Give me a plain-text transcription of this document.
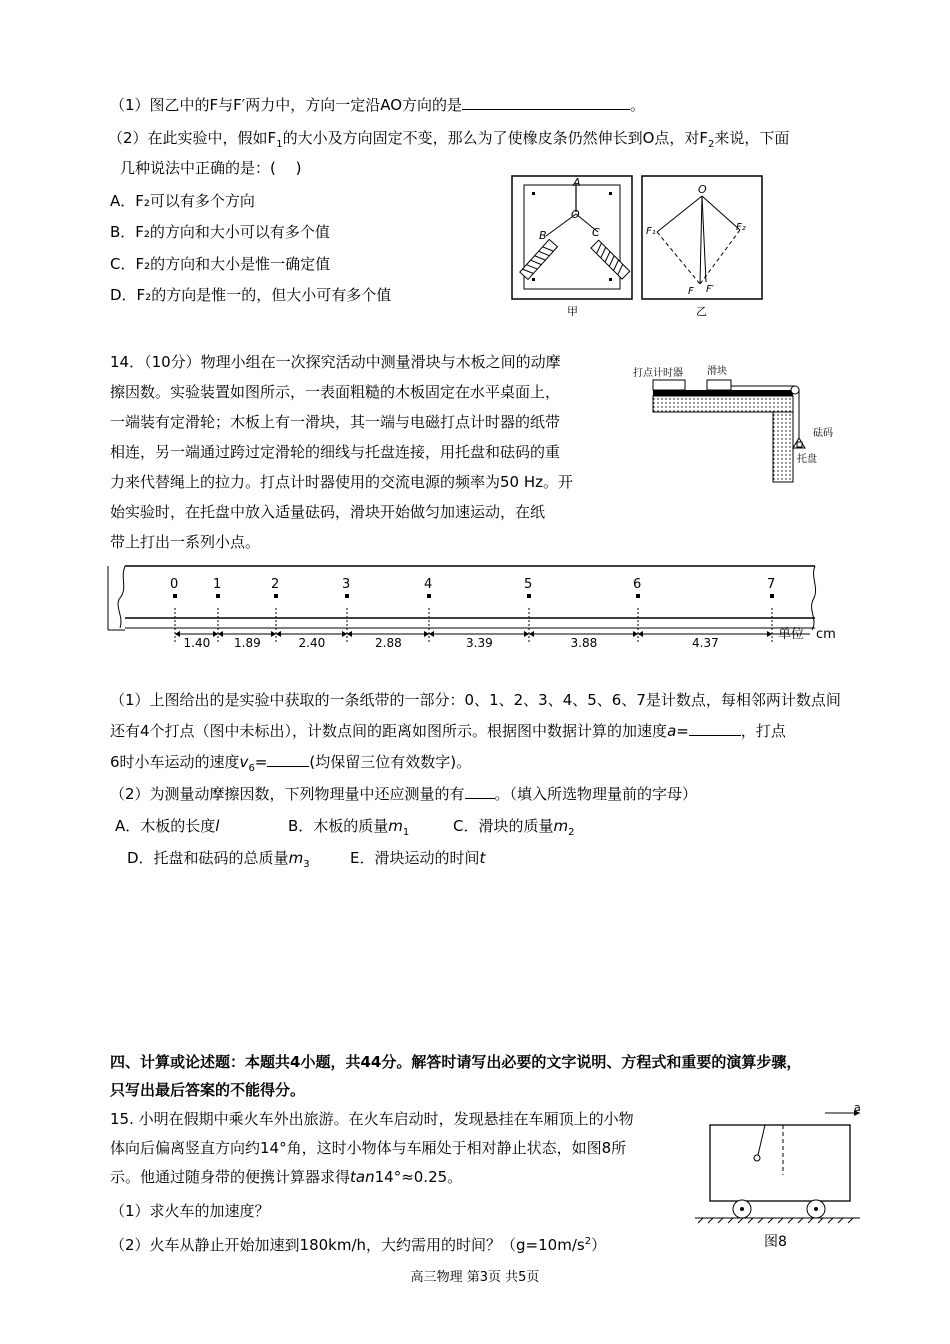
（1）图乙中的F与F′两力中，方向一定沿AO方向的是	。
（2）在此实验中，假如$F_1$的大小及方向固定不变，那么为了使橡皮条仍然伸长到O点，对$F_2$来说，下面
几种说法中正确的是：(　 )
A．F₂可以有多个方向
B．F₂的方向和大小可以有多个值
C．F₂的方向和大小是惟一确定值
D．F₂的方向是惟一的，但大小可有多个值
A
O
B	C
甲
O
F₁	F₂
F F′
乙
14．（10分）物理小组在一次探究活动中测量滑块与木板之间的动摩
擦因数。实验装置如图所示，一表面粗糙的木板固定在水平桌面上，
一端装有定滑轮；木板上有一滑块，其一端与电磁打点计时器的纸带
相连，另一端通过跨过定滑轮的细线与托盘连接，用托盘和砝码的重
力来代替绳上的拉力。打点计时器使用的交流电源的频率为50 Hz。开
始实验时，在托盘中放入适量砝码，滑块开始做匀加速运动，在纸
带上打出一系列小点。
打点计时器 滑块
砝码
托盘
0	1	2	3	4	5	6	7
1.40 1.89	2.40	2.88	3.39	3.88	4.37
单位 cm
（1）上图给出的是实验中获取的一条纸带的一部分：0、1、2、3、4、5、6、7是计数点，每相邻两计数点间
还有4个打点（图中未标出），计数点间的距离如图所示。根据图中数据计算的加速度a=	，打点
6时小车运动的速度$v_6=$	(均保留三位有效数字)。
（2）为测量动摩擦因数，下列物理量中还应测量的有 。（填入所选物理量前的字母）
A．木板的长度l	B．木板的质量$m_1$	C．滑块的质量$m_2$
D．托盘和砝码的总质量$m_3$	E．滑块运动的时间t
四、计算或论述题：本题共4小题，共44分。解答时请写出必要的文字说明、方程式和重要的演算步骤，
只写出最后答案的不能得分。
15. 小明在假期中乘火车外出旅游。在火车启动时，发现悬挂在车厢顶上的小物
体向后偏离竖直方向约14°角，这时小物体与车厢处于相对静止状态，如图8所
示。他通过随身带的便携计算器求得tan14°≈0.25。
（1）求火车的加速度？
（2）火车从静止开始加速到180km/h，大约需用的时间？$(g=10m/s^2)$
a
图8
高三物理 第3页 共5页
